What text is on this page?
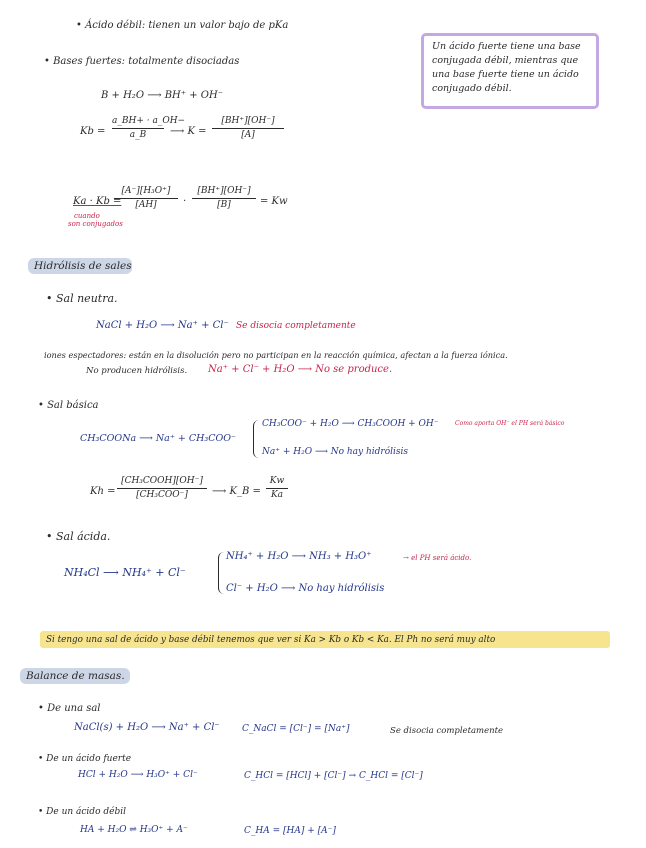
• Ácido débil: tienen un valor bajo de pKa
• Bases fuertes: totalmente disociadas
B + H₂O ⟶ BH⁺ + OH⁻
Kb =
a_BH+ · a_OH−
a_B	⟶ K =
[BH⁺][OH⁻]
[A]
Un ácido fuerte tiene una base conjugada débil, mientras que una base fuerte tiene un ácido conjugado débil.
Ka · Kb =
[A⁻][H₃O⁺]
[AH]	·
[BH⁺][OH⁻]
[B]	= Kw
cuando
son conjugados
Hidrólisis de sales
• Sal neutra.
NaCl + H₂O ⟶ Na⁺ + Cl⁻ Se disocia completamente
iones espectadores: están en la disolución pero no participan en la reacción química, afectan a la fuerza iónica.
No producen hidrólisis. Na⁺ + Cl⁻ + H₂O ⟶ No se produce.
• Sal básica
CH₃COONa ⟶ Na⁺ + CH₃COO⁻
CH₃COO⁻ + H₂O ⟶ CH₃COOH + OH⁻	Como aporta OH⁻ el PH será básico
Na⁺ + H₂O ⟶ No hay hidrólisis
Kh =
[CH₃COOH][OH⁻]
[CH₃COO⁻]	⟶ K_B =
Kw
Ka
• Sal ácida.
NH₄Cl ⟶ NH₄⁺ + Cl⁻
NH₄⁺ + H₂O ⟶ NH₃ + H₃O⁺	→ el PH será ácido.
Cl⁻ + H₂O ⟶ No hay hidrólisis
Si tengo una sal de ácido y base débil tenemos que ver si Ka > Kb o Kb < Ka. El Ph no será muy alto
Balance de masas.
• De una sal
NaCl(s) + H₂O ⟶ Na⁺ + Cl⁻ C_NaCl = [Cl⁻] = [Na⁺]	Se disocia completamente
• De un ácido fuerte
HCl + H₂O ⟶ H₃O⁺ + Cl⁻	C_HCl = [HCl] + [Cl⁻] → C_HCl = [Cl⁻]
• De un ácido débil
HA + H₂O ⇌ H₃O⁺ + A⁻	C_HA = [HA] + [A⁻]
